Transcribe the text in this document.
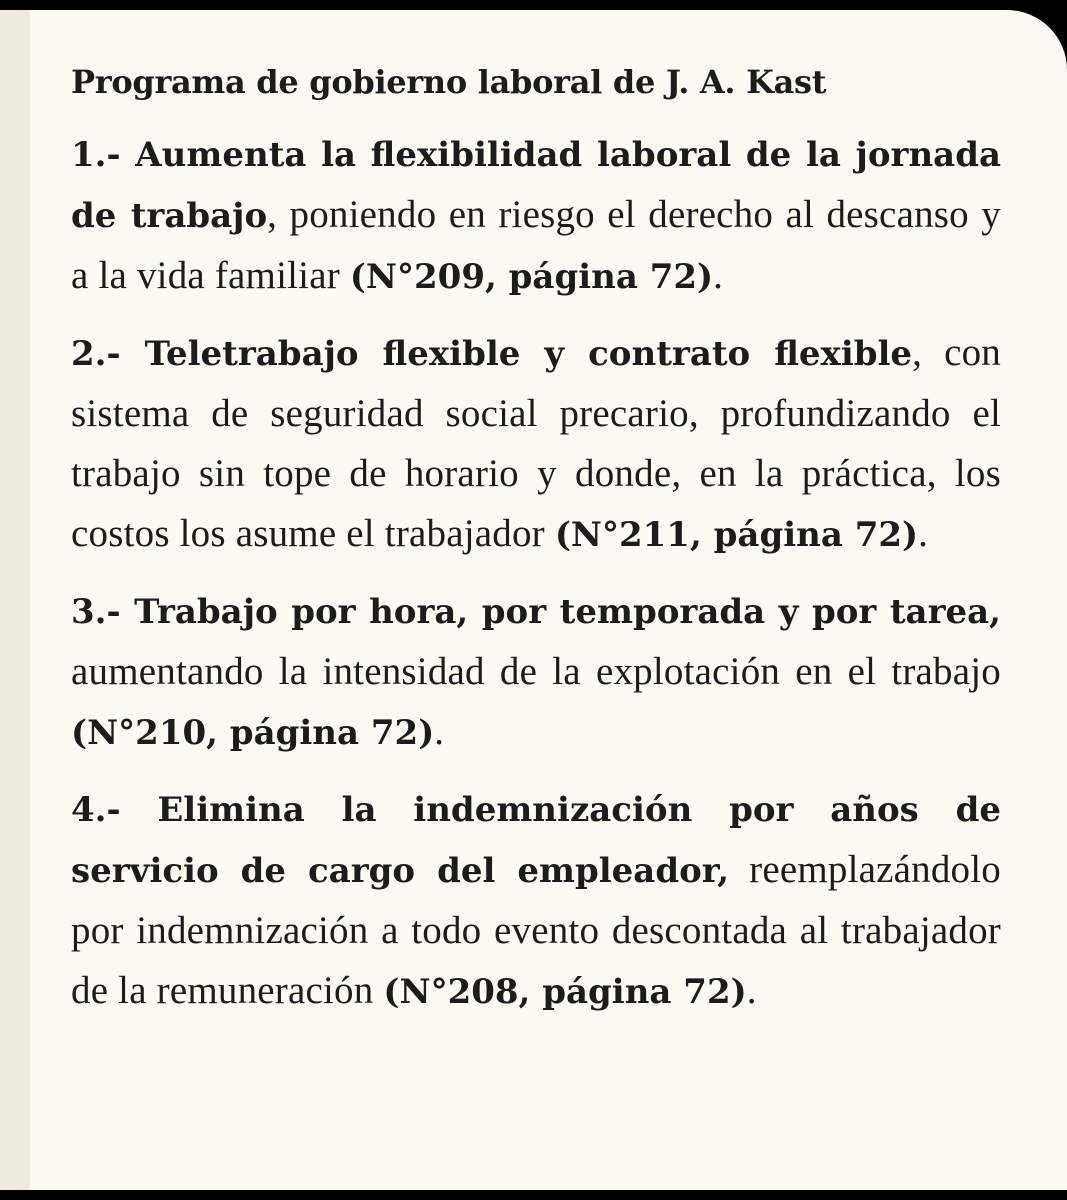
Programa de gobierno laboral de J. A. Kast

1.- Aumenta la flexibilidad laboral de la jornada de trabajo, poniendo en riesgo el derecho al descanso y a la vida familiar (N°209, página 72).

2.- Teletrabajo flexible y contrato flexible, con sistema de seguridad social precario, profundizando el trabajo sin tope de horario y donde, en la práctica, los costos los asume el trabajador (N°211, página 72).

3.- Trabajo por hora, por temporada y por tarea, aumentando la intensidad de la explotación en el trabajo (N°210, página 72).

4.- Elimina la indemnización por años de servicio de cargo del empleador, reemplazándolo por indemnización a todo evento descontada al trabajador de la remuneración (N°208, página 72).
